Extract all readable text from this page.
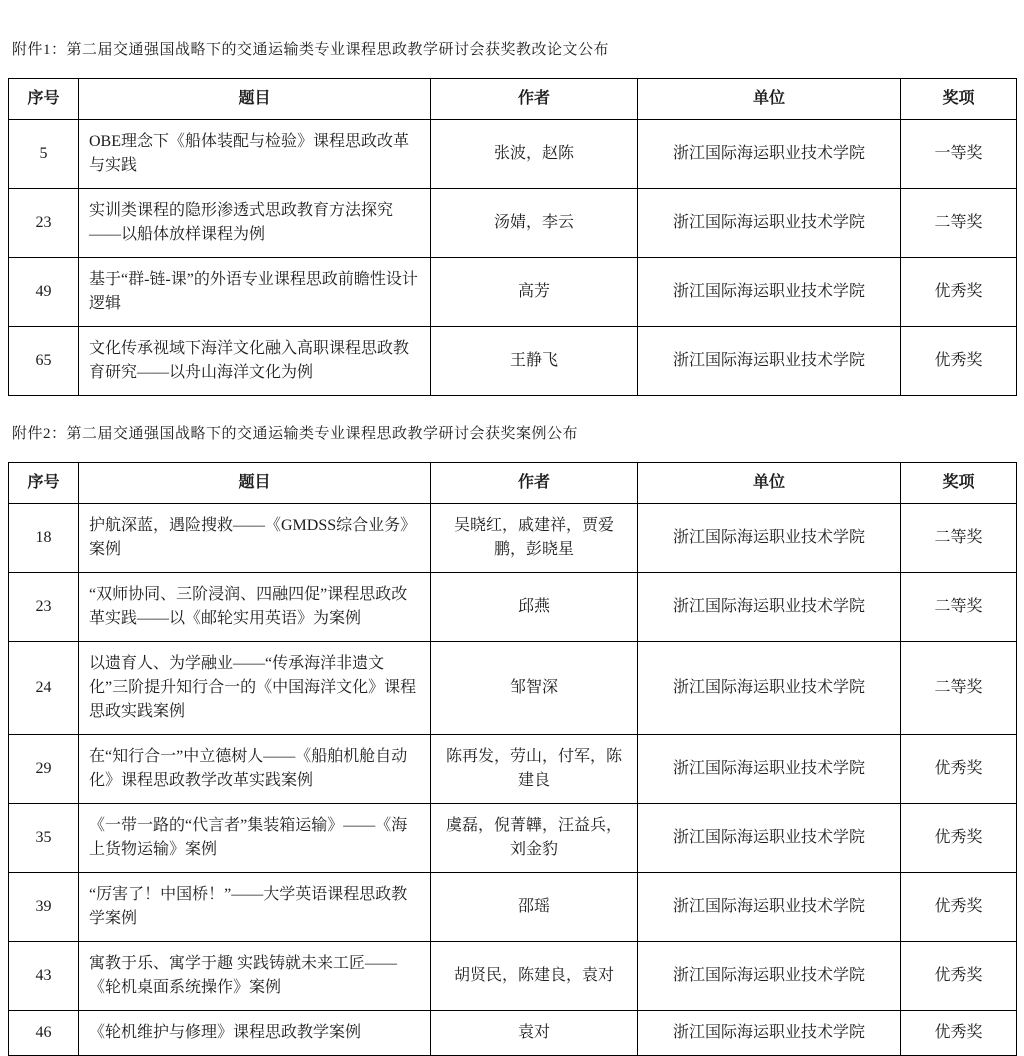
附件1：第二届交通强国战略下的交通运输类专业课程思政教学研讨会获奖教改论文公布
序号	题目	作者	单位	奖项
5	OBE理念下《船体装配与检验》课程思政改革与实践	张波，赵陈	浙江国际海运职业技术学院	一等奖
23	实训类课程的隐形渗透式思政教育方法探究——以船体放样课程为例	汤婧，李云	浙江国际海运职业技术学院	二等奖
49	基于“群-链-课”的外语专业课程思政前瞻性设计逻辑	高芳	浙江国际海运职业技术学院	优秀奖
65	文化传承视域下海洋文化融入高职课程思政教育研究——以舟山海洋文化为例	王静飞	浙江国际海运职业技术学院	优秀奖
附件2：第二届交通强国战略下的交通运输类专业课程思政教学研讨会获奖案例公布
序号	题目	作者	单位	奖项
18	护航深蓝，遇险搜救——《GMDSS综合业务》案例	吴晓红，戚建祥，贾爱鹏，彭晓星	浙江国际海运职业技术学院	二等奖
23	“双师协同、三阶浸润、四融四促”课程思政改革实践——以《邮轮实用英语》为案例	邱燕	浙江国际海运职业技术学院	二等奖
24	以遗育人、为学融业——“传承海洋非遗文化”三阶提升知行合一的《中国海洋文化》课程思政实践案例	邹智深	浙江国际海运职业技术学院	二等奖
29	在“知行合一”中立德树人——《船舶机舱自动化》课程思政教学改革实践案例	陈再发，劳山，付军，陈建良	浙江国际海运职业技术学院	优秀奖
35	《一带一路的“代言者”集装箱运输》——《海上货物运输》案例	虞磊，倪菁韡，汪益兵，刘金豹	浙江国际海运职业技术学院	优秀奖
39	“厉害了！中国桥！”——大学英语课程思政教学案例	邵瑶	浙江国际海运职业技术学院	优秀奖
43	寓教于乐、寓学于趣 实践铸就未来工匠——《轮机桌面系统操作》案例	胡贤民，陈建良，袁对	浙江国际海运职业技术学院	优秀奖
46	《轮机维护与修理》课程思政教学案例	袁对	浙江国际海运职业技术学院	优秀奖
